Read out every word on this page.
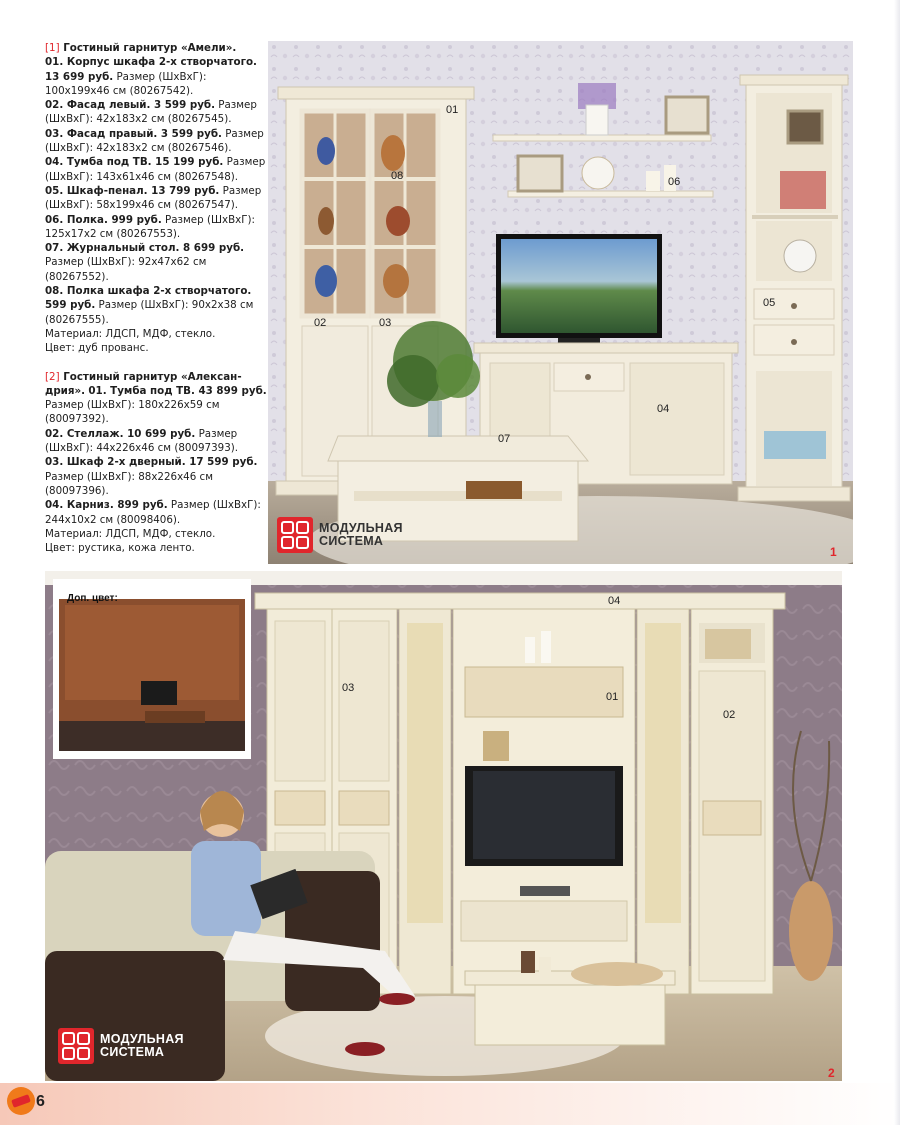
[1] Гостиный гарнитур «Амели».
01. Корпус шкафа 2-х створчатого. 13 699 руб. Размер (ШхВхГ): 100x199x46 см (80267542).
02. Фасад левый. 3 599 руб. Размер (ШхВхГ): 42x183x2 см (80267545).
03. Фасад правый. 3 599 руб. Размер (ШхВхГ): 42x183x2 см (80267546).
04. Тумба под ТВ. 15 199 руб. Размер (ШхВхГ): 143x61x46 см (80267548).
05. Шкаф-пенал. 13 799 руб. Размер (ШхВхГ): 58x199x46 см (80267547).
06. Полка. 999 руб. Размер (ШхВхГ): 125x17x2 см (80267553).
07. Журнальный стол. 8 699 руб. Размер (ШхВхГ): 92x47x62 см (80267552).
08. Полка шкафа 2-х створчатого. 599 руб. Размер (ШхВхГ): 90x2x38 см (80267555).
Материал: ЛДСП, МДФ, стекло.
Цвет: дуб прованс.
[2] Гостиный гарнитур «Александрия». 01. Тумба под ТВ. 43 899 руб. Размер (ШхВхГ): 180x226x59 см (80097392).
02. Стеллаж. 10 699 руб. Размер (ШхВхГ): 44x226x46 см (80097393).
03. Шкаф 2-х дверный. 17 599 руб. Размер (ШхВхГ): 88x226x46 см (80097396).
04. Карниз. 899 руб. Размер (ШхВхГ): 244x10x2 см (80098406).
Материал: ЛДСП, МДФ, стекло.
Цвет: рустика, кожа ленто.
01
02	03
04
05
06
07
08
МОДУЛЬНАЯ
СИСТЕМА
1
Доп. цвет:
01
02
03
04
МОДУЛЬНАЯ
СИСТЕМА
2
6
